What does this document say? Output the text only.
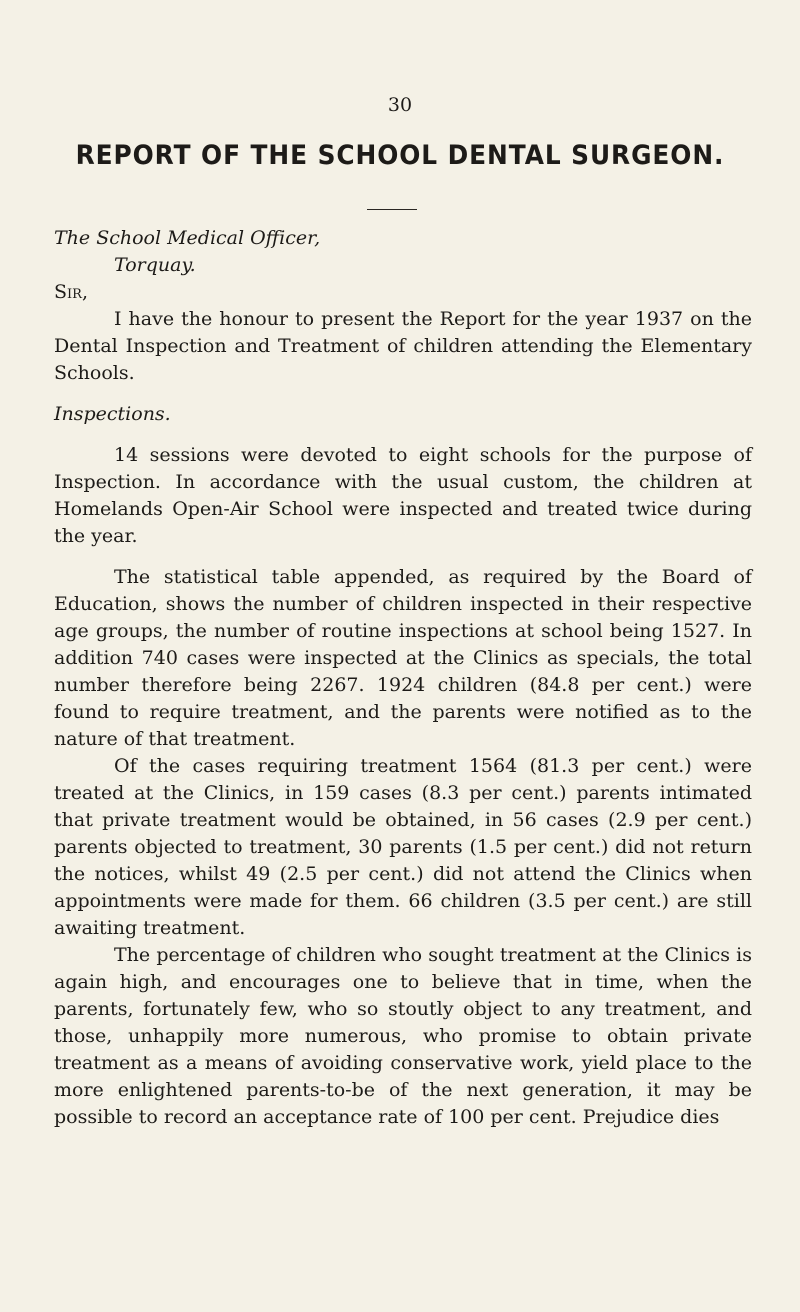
30
REPORT OF THE SCHOOL DENTAL SURGEON.

The School Medical Officer,

Torquay.

Sir,

I have the honour to present the Report for the year 1937 on the Dental Inspection and Treatment of children attending the Elementary Schools.

Inspections.

14 sessions were devoted to eight schools for the purpose of Inspection. In accordance with the usual custom, the children at Homelands Open-Air School were inspected and treated twice during the year.

The statistical table appended, as required by the Board of Education, shows the number of children inspected in their respective age groups, the number of routine inspections at school being 1527. In addition 740 cases were inspected at the Clinics as specials, the total number therefore being 2267. 1924 children (84.8 per cent.) were found to require treatment, and the parents were notified as to the nature of that treatment.

Of the cases requiring treatment 1564 (81.3 per cent.) were treated at the Clinics, in 159 cases (8.3 per cent.) parents intimated that private treatment would be obtained, in 56 cases (2.9 per cent.) parents objected to treatment, 30 parents (1.5 per cent.) did not return the notices, whilst 49 (2.5 per cent.) did not attend the Clinics when appointments were made for them. 66 children (3.5 per cent.) are still awaiting treatment.

The percentage of children who sought treatment at the Clinics is again high, and encourages one to believe that in time, when the parents, fortunately few, who so stoutly object to any treatment, and those, unhappily more numerous, who promise to obtain private treatment as a means of avoiding conservative work, yield place to the more enlightened parents-to-be of the next generation, it may be possible to record an acceptance rate of 100 per cent. Prejudice dies
